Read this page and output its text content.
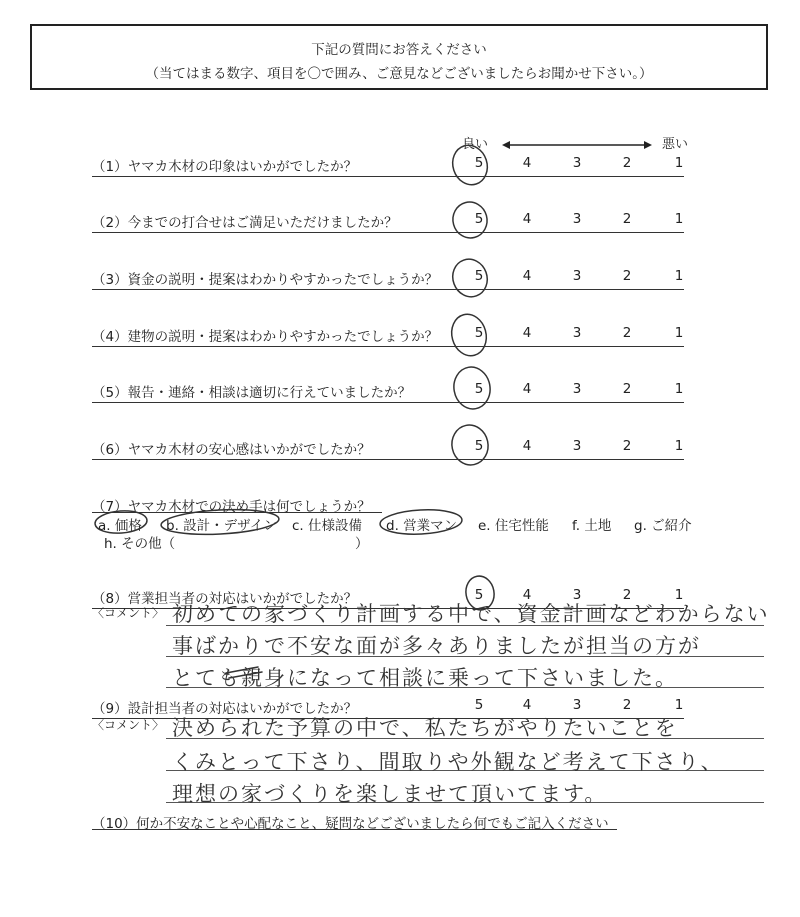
下記の質問にお答えください
（当てはまる数字、項目を〇で囲み、ご意見などございましたらお聞かせ下さい。）
良い	悪い
（1）ヤマカ木材の印象はいかがでしたか？	5	4	3	2	1
（2）今までの打合せはご満足いただけましたか？	5	4	3	2	1
（3）資金の説明・提案はわかりやすかったでしょうか？	5	4	3	2	1
（4）建物の説明・提案はわかりやすかったでしょうか？	5	4	3	2	1
（5）報告・連絡・相談は適切に行えていましたか？	5	4	3	2	1
（6）ヤマカ木材の安心感はいかがでしたか？	5	4	3	2	1
（7）ヤマカ木材での決め手は何でしょうか？
a. 価格 b. 設計・デザイン c. 仕様設備 d. 営業マン e. 住宅性能 f. 土地 g. ご紹介
h. その他（	）
（8）営業担当者の対応はいかがでしたか？	5	4	3	2	1
〈コメント〉 初めての家づくり計画する中で、資金計画などわからない
事ばかりで不安な面が多々ありましたが担当の方が
とても親身になって相談に乗って下さいました。
（9）設計担当者の対応はいかがでしたか？	5	4	3	2	1
〈コメント〉 決められた予算の中で、私たちがやりたいことを
くみとって下さり、間取りや外観など考えて下さり、
理想の家づくりを楽しませて頂いてます。
（10）何か不安なことや心配なこと、疑問などございましたら何でもご記入ください
